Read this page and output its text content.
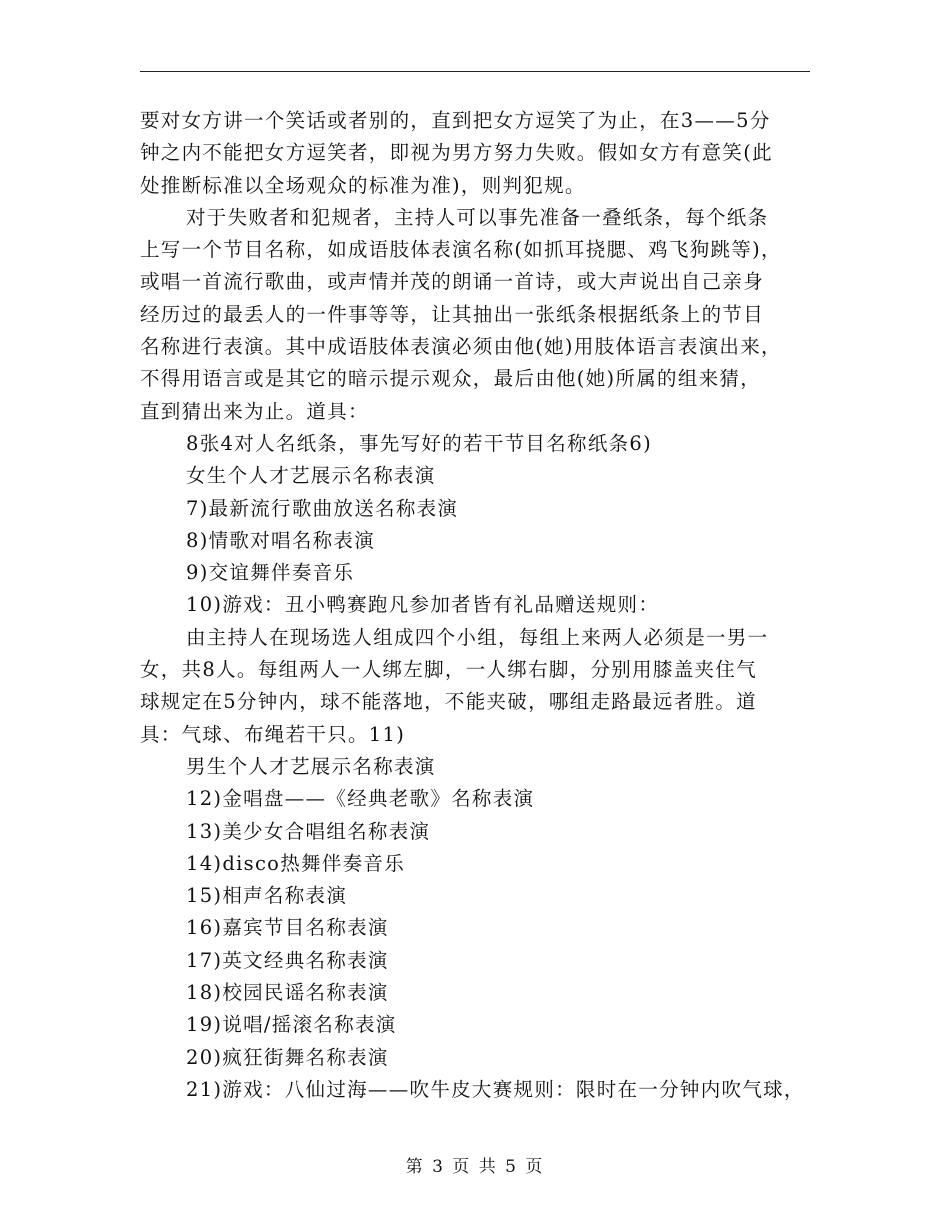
要对女方讲一个笑话或者别的，直到把女方逗笑了为止，在3——5分
钟之内不能把女方逗笑者，即视为男方努力失败。假如女方有意笑(此
处推断标准以全场观众的标准为准)，则判犯规。
对于失败者和犯规者，主持人可以事先准备一叠纸条，每个纸条
上写一个节目名称，如成语肢体表演名称(如抓耳挠腮、鸡飞狗跳等)，
或唱一首流行歌曲，或声情并茂的朗诵一首诗，或大声说出自己亲身
经历过的最丢人的一件事等等，让其抽出一张纸条根据纸条上的节目
名称进行表演。其中成语肢体表演必须由他(她)用肢体语言表演出来，
不得用语言或是其它的暗示提示观众，最后由他(她)所属的组来猜，
直到猜出来为止。道具：
8张4对人名纸条，事先写好的若干节目名称纸条6)
女生个人才艺展示名称表演
7)最新流行歌曲放送名称表演
8)情歌对唱名称表演
9)交谊舞伴奏音乐
10)游戏：丑小鸭赛跑凡参加者皆有礼品赠送规则：
由主持人在现场选人组成四个小组，每组上来两人必须是一男一
女，共8人。每组两人一人绑左脚，一人绑右脚，分别用膝盖夹住气
球规定在5分钟内，球不能落地，不能夹破，哪组走路最远者胜。道
具：气球、布绳若干只。11)
男生个人才艺展示名称表演
12)金唱盘——《经典老歌》名称表演
13)美少女合唱组名称表演
14)disco热舞伴奏音乐
15)相声名称表演
16)嘉宾节目名称表演
17)英文经典名称表演
18)校园民谣名称表演
19)说唱/摇滚名称表演
20)疯狂街舞名称表演
21)游戏：八仙过海——吹牛皮大赛规则：限时在一分钟内吹气球，
第 3 页 共 5 页
